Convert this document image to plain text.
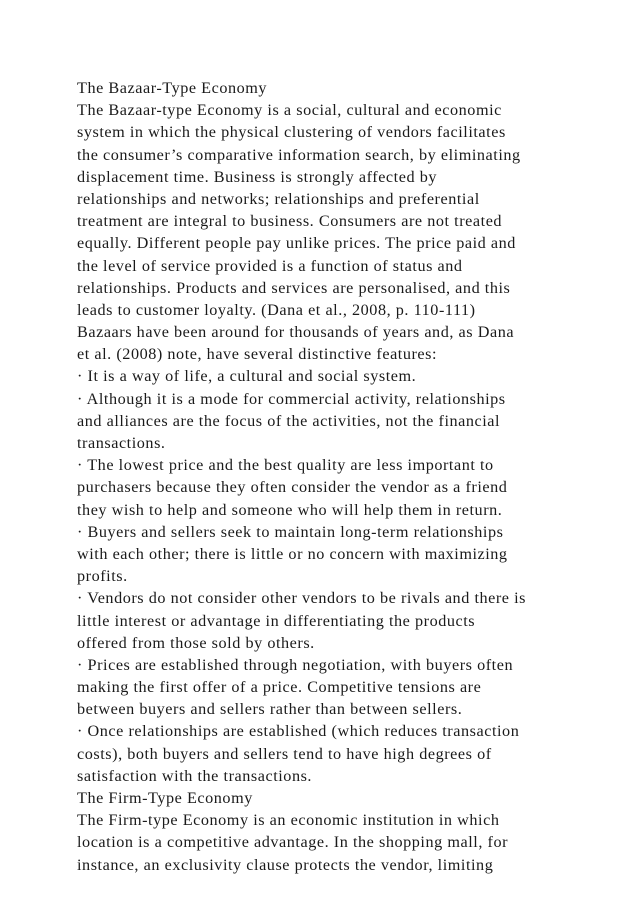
The Bazaar-Type Economy
The Bazaar-type Economy is a social, cultural and economic
system in which the physical clustering of vendors facilitates
the consumer’s comparative information search, by eliminating
displacement time. Business is strongly affected by
relationships and networks; relationships and preferential
treatment are integral to business. Consumers are not treated
equally. Different people pay unlike prices. The price paid and
the level of service provided is a function of status and
relationships. Products and services are personalised, and this
leads to customer loyalty. (Dana et al., 2008, p. 110-111)
Bazaars have been around for thousands of years and, as Dana
et al. (2008) note, have several distinctive features:
· It is a way of life, a cultural and social system.
· Although it is a mode for commercial activity, relationships
and alliances are the focus of the activities, not the financial
transactions.
· The lowest price and the best quality are less important to
purchasers because they often consider the vendor as a friend
they wish to help and someone who will help them in return.
· Buyers and sellers seek to maintain long-term relationships
with each other; there is little or no concern with maximizing
profits.
· Vendors do not consider other vendors to be rivals and there is
little interest or advantage in differentiating the products
offered from those sold by others.
· Prices are established through negotiation, with buyers often
making the first offer of a price. Competitive tensions are
between buyers and sellers rather than between sellers.
· Once relationships are established (which reduces transaction
costs), both buyers and sellers tend to have high degrees of
satisfaction with the transactions.
The Firm-Type Economy
The Firm-type Economy is an economic institution in which
location is a competitive advantage. In the shopping mall, for
instance, an exclusivity clause protects the vendor, limiting
